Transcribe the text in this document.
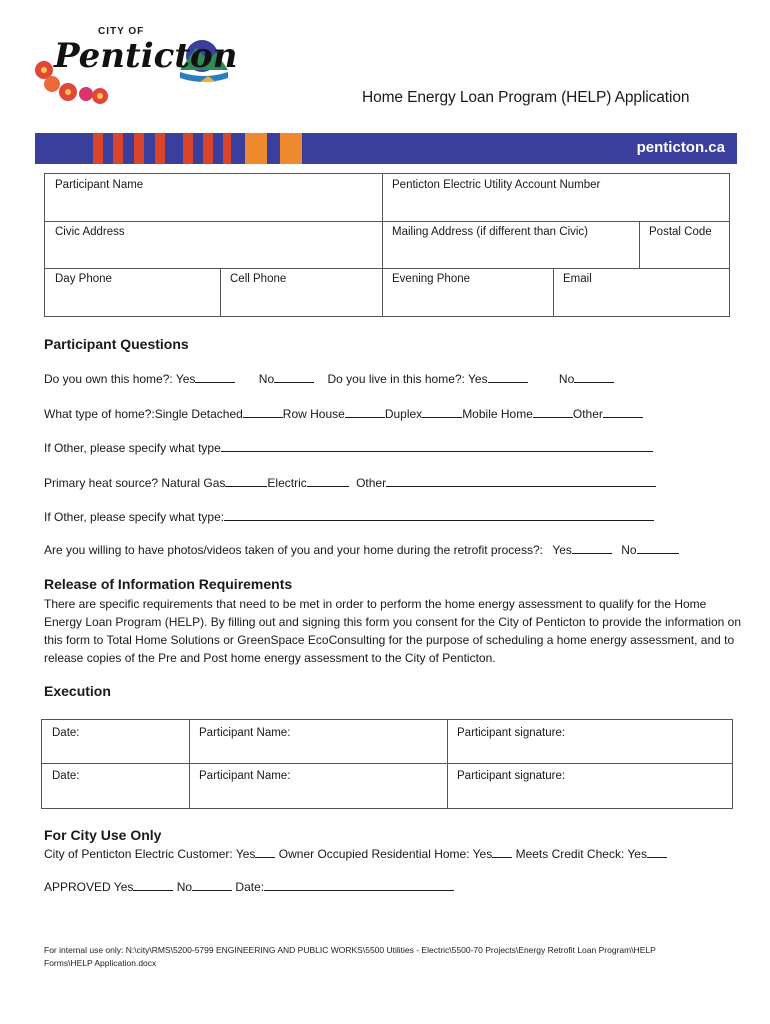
CITY OF
Penticton
Home Energy Loan Program (HELP) Application
penticton.ca
Participant Name	Penticton Electric Utility Account Number
Civic Address	Mailing Address (if different than Civic)	Postal Code
Day Phone	Cell Phone	Evening Phone	Email
Participant Questions
Do you own this home?: Yes	No	Do you live in this home?: Yes	No
What type of home?:Single Detached	Row House	Duplex	Mobile Home	Other
If Other, please specify what type
Primary heat source? Natural Gas	Electric	Other
If Other, please specify what type:
Are you willing to have photos/videos taken of you and your home during the retrofit process?: Yes	No
Release of Information Requirements
There are specific requirements that need to be met in order to perform the home energy assessment to qualify for the Home Energy Loan Program (HELP). By filling out and signing this form you consent for the City of Penticton to provide the information on this form to Total Home Solutions or GreenSpace EcoConsulting for the purpose of scheduling a home energy assessment, and to release copies of the Pre and Post home energy assessment to the City of Penticton.
Execution
Date:	Participant Name:	Participant signature:
Date:	Participant Name:	Participant signature:
For City Use Only
City of Penticton Electric Customer: Yes Owner Occupied Residential Home: Yes Meets Credit Check: Yes
APPROVED Yes	No	Date:
For internal use only: N:\city\RMS\5200-5799 ENGINEERING AND PUBLIC WORKS\5500 Utilities - Electric\5500-70 Projects\Energy Retrofit Loan Program\HELP
Forms\HELP Application.docx
